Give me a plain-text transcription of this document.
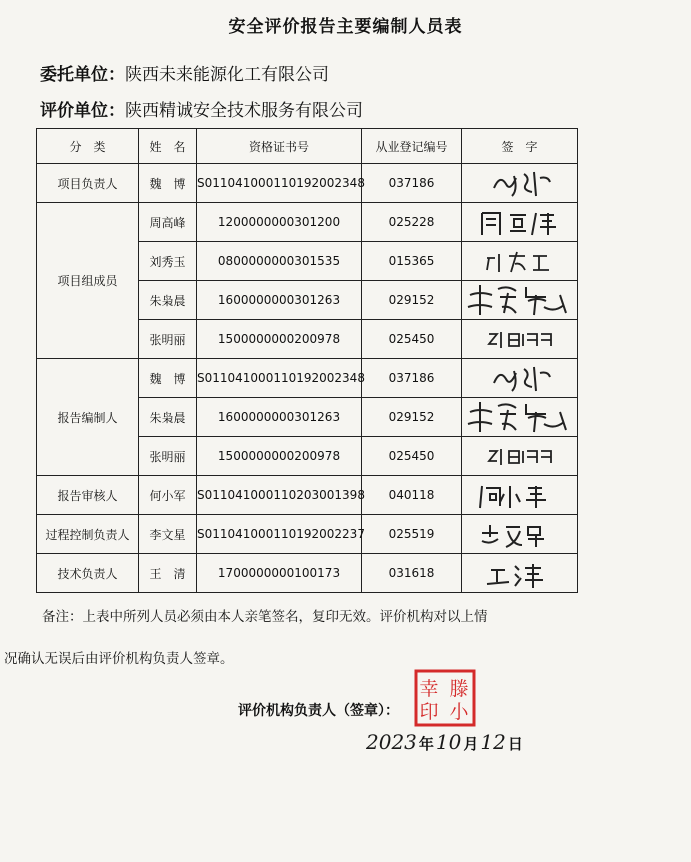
安全评价报告主要编制人员表
委托单位：陕西未来能源化工有限公司
评价单位：陕西精诚安全技术服务有限公司
分　类	姓　名	资格证书号	从业登记编号	签　字
项目负责人	魏　博	S011041000110192002348	037186	

项目组成员	周高峰	1200000000301200	025228	

	刘秀玉	0800000000301535	015365	

	朱枭晨	1600000000301263	029152	

	张明丽	1500000000200978	025450	

报告编制人	魏　博	S011041000110192002348	037186	

	朱枭晨	1600000000301263	029152	

	张明丽	1500000000200978	025450	

报告审核人	何小军	S011041000110203001398	040118	

过程控制负责人	李文星	S011041000110192002237	025519	

技术负责人	王　清	1700000000100173	031618	
备注：上表中所列人员必须由本人亲笔签名，复印无效。评价机构对以上情
况确认无误后由评价机构负责人签章。
评价机构负责人（签章）：
幸 滕
印 小
2023 年 10 月 12 日
